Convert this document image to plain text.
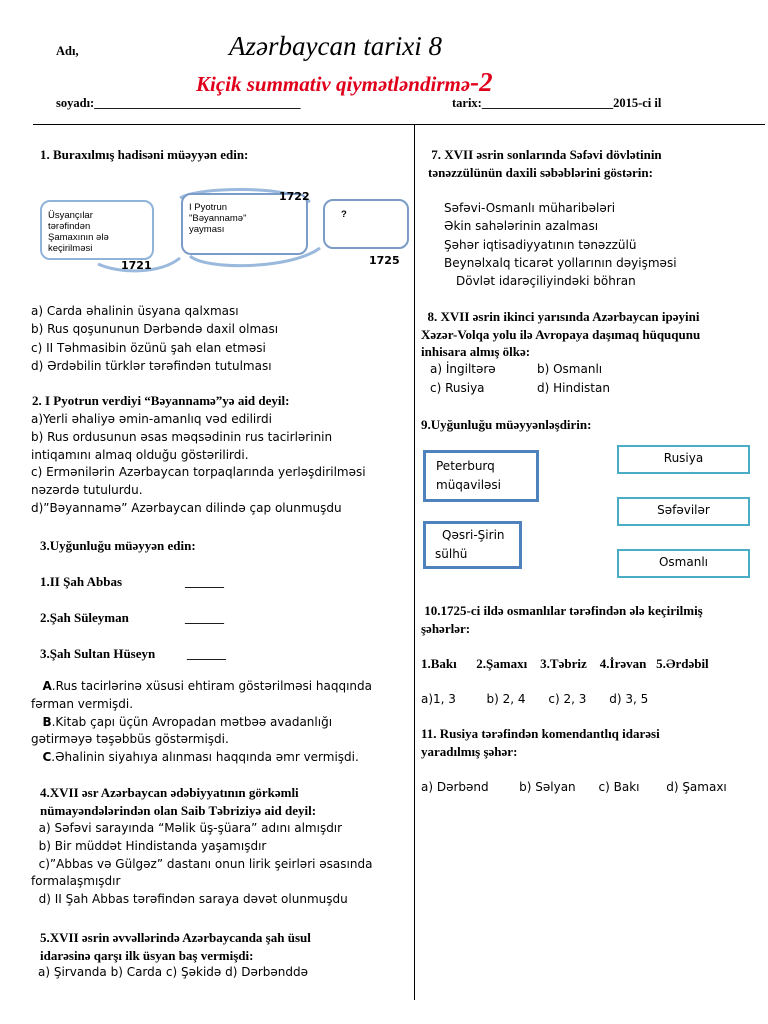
Adı,	Azərbaycan tarixi 8
Kiçik summativ qiymətləndirmə-2
soyadı:_________________________________	tarix:_____________________2015-ci il
1. Buraxılmış hadisəni müəyyən edin:
Üsyançılar
tərəfindən
Şamaxının ələ
keçirilməsi
1721
I Pyotrun
"Bəyannamə"
yayması
1722
?
1725
a) Carda əhalinin üsyana qalxması
b) Rus qoşununun Dərbəndə daxil olması
c) II Təhmasibin özünü şah elan etməsi
d) Ərdəbilin türklər tərəfindən tutulması
2. I Pyotrun verdiyi “Bəyannamə”yə aid deyil:
a)Yerli əhaliyə əmin-amanlıq vəd edilirdi
b) Rus ordusunun əsas məqsədinin rus tacirlərinin
intiqamını almaq olduğu göstərilirdi.
c) Ermənilərin Azərbaycan torpaqlarında yerləşdirilməsi
nəzərdə tutulurdu.
d)”Bəyannamə” Azərbaycan dilində çap olunmuşdu
3.Uyğunluğu müəyyən edin:
1.II Şah Abbas	______
2.Şah Süleyman	______
3.Şah Sultan Hüseyn ______
A.Rus tacirlərinə xüsusi ehtiram göstərilməsi haqqında
fərman vermişdi.
B.Kitab çapı üçün Avropadan mətbəə avadanlığı
gətirməyə təşəbbüs göstərmişdi.
C.Əhalinin siyahıya alınması haqqında əmr vermişdi.
4.XVII əsr Azərbaycan ədəbiyyatının görkəmli
nümayəndələrindən olan Saib Təbriziyə aid deyil:
a) Səfəvi sarayında “Məlik üş-şüara” adını almışdır
b) Bir müddət Hindistanda yaşamışdır
c)”Abbas və Gülgəz” dastanı onun lirik şeirləri əsasında
formalaşmışdır
d) II Şah Abbas tərəfindən saraya dəvət olunmuşdu
5.XVII əsrin əvvəllərində Azərbaycanda şah üsul
idarəsinə qarşı ilk üsyan baş vermişdi:
a) Şirvanda b) Carda c) Şəkidə d) Dərbənddə
7. XVII əsrin sonlarında Səfəvi dövlətinin
tənəzzülünün daxili səbəblərini göstərin:
Səfəvi-Osmanlı müharibələri
Əkin sahələrinin azalması
Şəhər iqtisadiyyatının tənəzzülü
Beynəlxalq ticarət yollarının dəyişməsi
Dövlət idarəçiliyindəki böhran
8. XVII əsrin ikinci yarısında Azərbaycan ipəyini
Xəzər-Volqa yolu ilə Avropaya daşımaq hüququnu
inhisara almış ölkə:
a) İngiltərə	b) Osmanlı
c) Rusiya	d) Hindistan
9.Uyğunluğu müəyyənləşdirin:
Peterburq
müqaviləsi
Qəsri-Şirin
sülhü
Rusiya
Səfəvilər
Osmanlı
10.1725-ci ildə osmanlılar tərəfindən ələ keçirilmiş
şəhərlər:
1.Bakı      2.Şamaxı    3.Təbriz    4.İrəvan   5.Ərdəbil
a)1, 3        b) 2, 4      c) 2, 3      d) 3, 5
11. Rusiya tərəfindən komendantlıq idarəsi
yaradılmış şəhər:
a) Dərbənd        b) Səlyan      c) Bakı       d) Şamaxı
